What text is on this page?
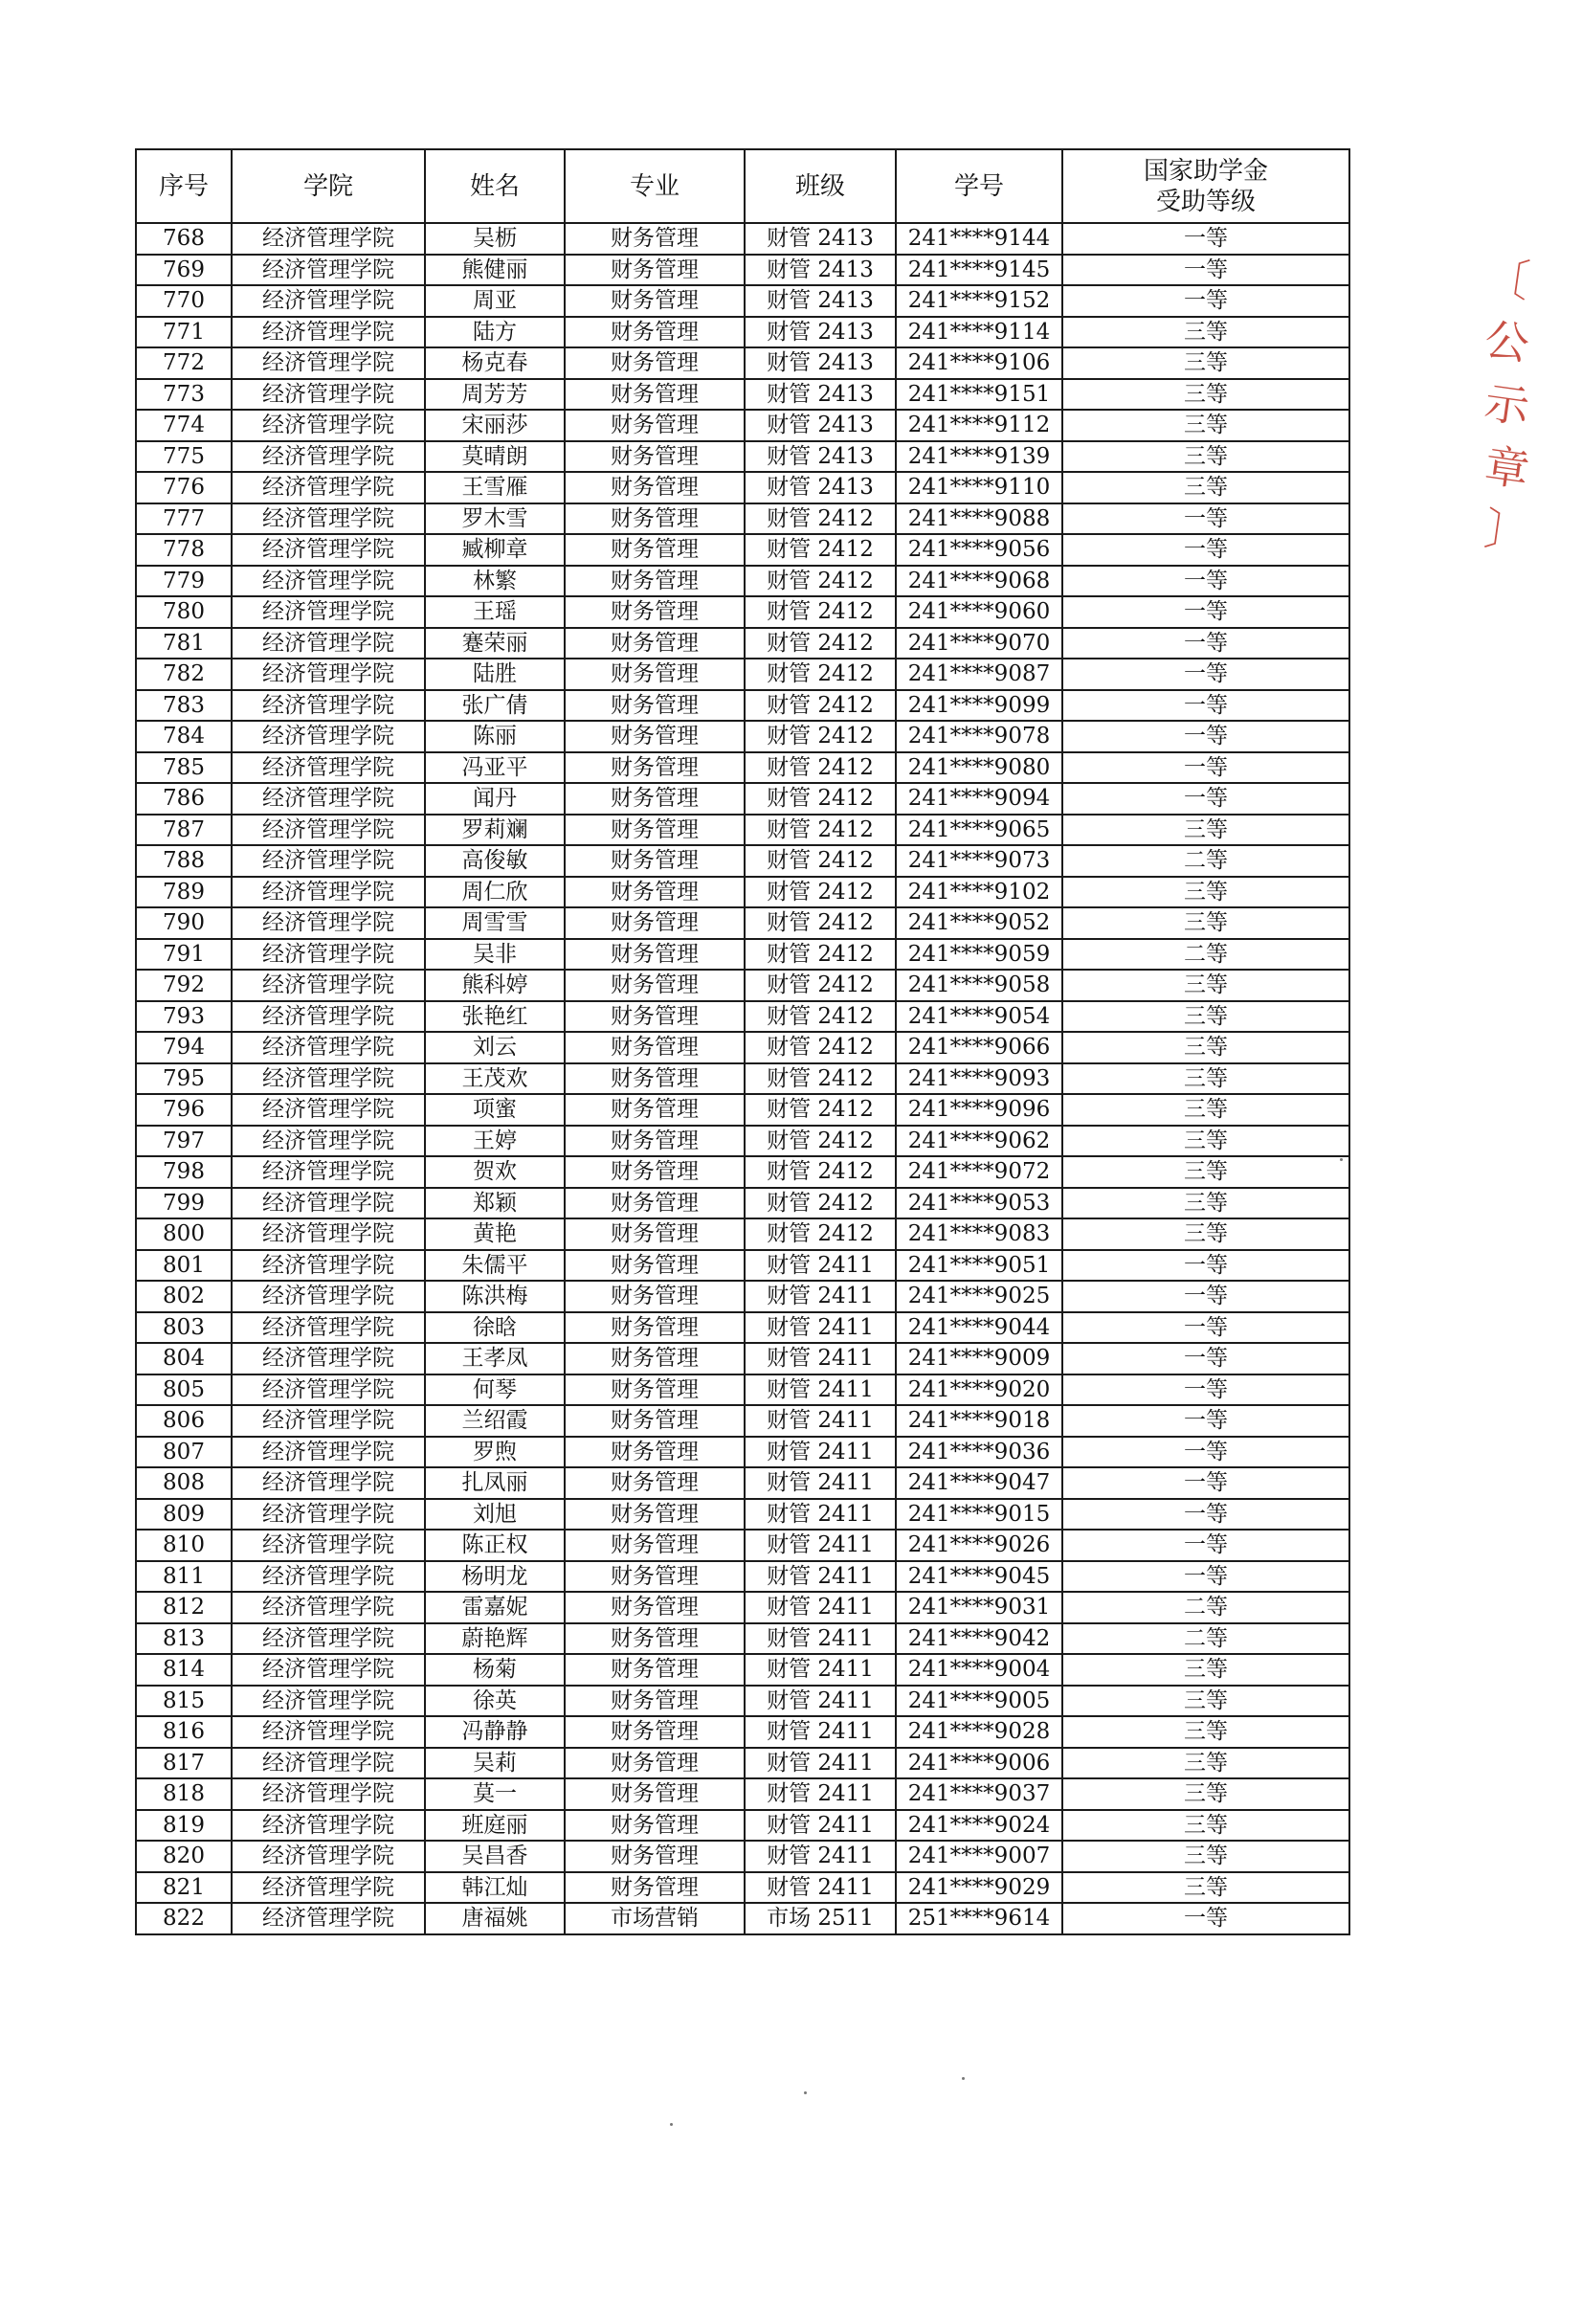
序号	学院	姓名	专业	班级	学号	国家助学金
受助等级

768	经济管理学院	吴枥	财务管理	财管 2413	241****9144	一等
769	经济管理学院	熊健丽	财务管理	财管 2413	241****9145	一等
770	经济管理学院	周亚	财务管理	财管 2413	241****9152	一等
771	经济管理学院	陆方	财务管理	财管 2413	241****9114	三等
772	经济管理学院	杨克春	财务管理	财管 2413	241****9106	三等
773	经济管理学院	周芳芳	财务管理	财管 2413	241****9151	三等
774	经济管理学院	宋丽莎	财务管理	财管 2413	241****9112	三等
775	经济管理学院	莫晴朗	财务管理	财管 2413	241****9139	三等
776	经济管理学院	王雪雁	财务管理	财管 2413	241****9110	三等
777	经济管理学院	罗木雪	财务管理	财管 2412	241****9088	一等
778	经济管理学院	臧柳章	财务管理	财管 2412	241****9056	一等
779	经济管理学院	林繁	财务管理	财管 2412	241****9068	一等
780	经济管理学院	王瑶	财务管理	财管 2412	241****9060	一等
781	经济管理学院	蹇荣丽	财务管理	财管 2412	241****9070	一等
782	经济管理学院	陆胜	财务管理	财管 2412	241****9087	一等
783	经济管理学院	张广倩	财务管理	财管 2412	241****9099	一等
784	经济管理学院	陈丽	财务管理	财管 2412	241****9078	一等
785	经济管理学院	冯亚平	财务管理	财管 2412	241****9080	一等
786	经济管理学院	闻丹	财务管理	财管 2412	241****9094	一等
787	经济管理学院	罗莉斓	财务管理	财管 2412	241****9065	三等
788	经济管理学院	高俊敏	财务管理	财管 2412	241****9073	二等
789	经济管理学院	周仁欣	财务管理	财管 2412	241****9102	三等
790	经济管理学院	周雪雪	财务管理	财管 2412	241****9052	三等
791	经济管理学院	吴非	财务管理	财管 2412	241****9059	二等
792	经济管理学院	熊科婷	财务管理	财管 2412	241****9058	三等
793	经济管理学院	张艳红	财务管理	财管 2412	241****9054	三等
794	经济管理学院	刘云	财务管理	财管 2412	241****9066	三等
795	经济管理学院	王茂欢	财务管理	财管 2412	241****9093	三等
796	经济管理学院	项蜜	财务管理	财管 2412	241****9096	三等
797	经济管理学院	王婷	财务管理	财管 2412	241****9062	三等
798	经济管理学院	贺欢	财务管理	财管 2412	241****9072	三等
799	经济管理学院	郑颖	财务管理	财管 2412	241****9053	三等
800	经济管理学院	黄艳	财务管理	财管 2412	241****9083	三等
801	经济管理学院	朱儒平	财务管理	财管 2411	241****9051	一等
802	经济管理学院	陈洪梅	财务管理	财管 2411	241****9025	一等
803	经济管理学院	徐晗	财务管理	财管 2411	241****9044	一等
804	经济管理学院	王孝凤	财务管理	财管 2411	241****9009	一等
805	经济管理学院	何琴	财务管理	财管 2411	241****9020	一等
806	经济管理学院	兰绍霞	财务管理	财管 2411	241****9018	一等
807	经济管理学院	罗煦	财务管理	财管 2411	241****9036	一等
808	经济管理学院	扎凤丽	财务管理	财管 2411	241****9047	一等
809	经济管理学院	刘旭	财务管理	财管 2411	241****9015	一等
810	经济管理学院	陈正权	财务管理	财管 2411	241****9026	一等
811	经济管理学院	杨明龙	财务管理	财管 2411	241****9045	一等
812	经济管理学院	雷嘉妮	财务管理	财管 2411	241****9031	二等
813	经济管理学院	蔚艳辉	财务管理	财管 2411	241****9042	二等
814	经济管理学院	杨菊	财务管理	财管 2411	241****9004	三等
815	经济管理学院	徐英	财务管理	财管 2411	241****9005	三等
816	经济管理学院	冯静静	财务管理	财管 2411	241****9028	三等
817	经济管理学院	吴莉	财务管理	财管 2411	241****9006	三等
818	经济管理学院	莫一	财务管理	财管 2411	241****9037	三等
819	经济管理学院	班庭丽	财务管理	财管 2411	241****9024	三等
820	经济管理学院	吴昌香	财务管理	财管 2411	241****9007	三等
821	经济管理学院	韩江灿	财务管理	财管 2411	241****9029	三等
822	经济管理学院	唐福姚	市场营销	市场 2511	251****9614	一等
〔
公
示
章
〕
